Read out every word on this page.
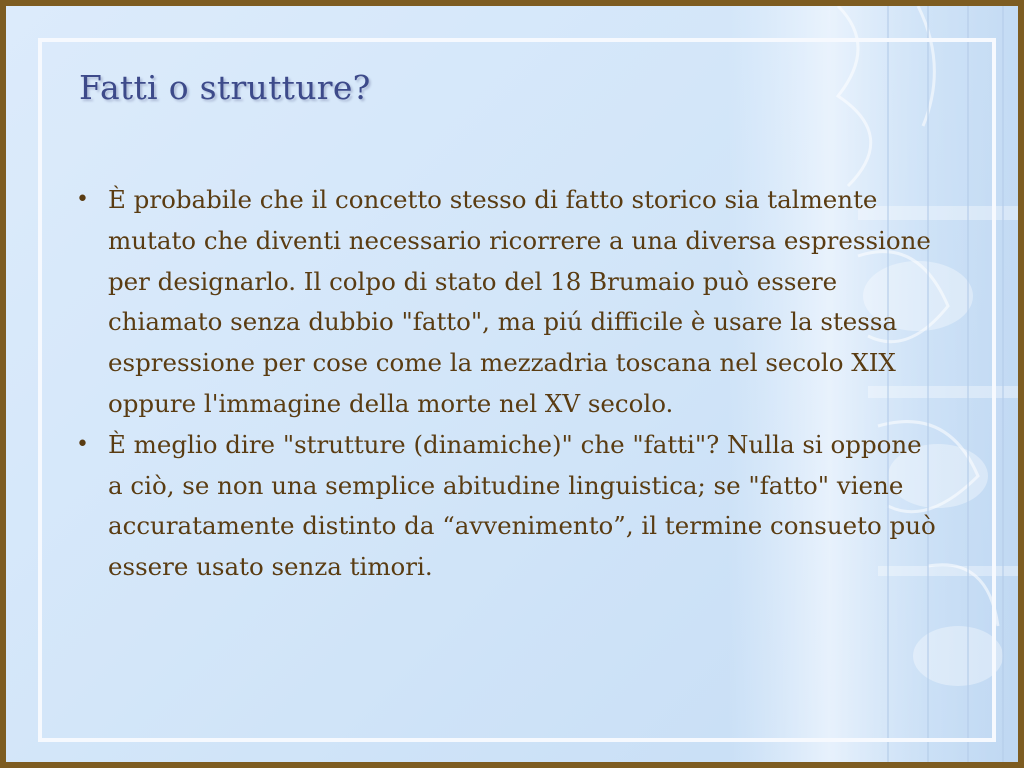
Fatti o strutture?
• È probabile che il concetto stesso di fatto storico sia talmente mutato che diventi necessario ricorrere a una diversa espressione per designarlo. Il colpo di stato del 18 Brumaio può essere chiamato senza dubbio "fatto", ma piú difficile è usare la stessa espressione per cose come la mezzadria toscana nel secolo XIX oppure l'immagine della morte nel XV secolo.
• È meglio dire "strutture (dinamiche)" che "fatti"? Nulla si oppone a ciò, se non una semplice abitudine linguistica; se "fatto" viene accuratamente distinto da “avvenimento”, il termine consueto può essere usato senza timori.
